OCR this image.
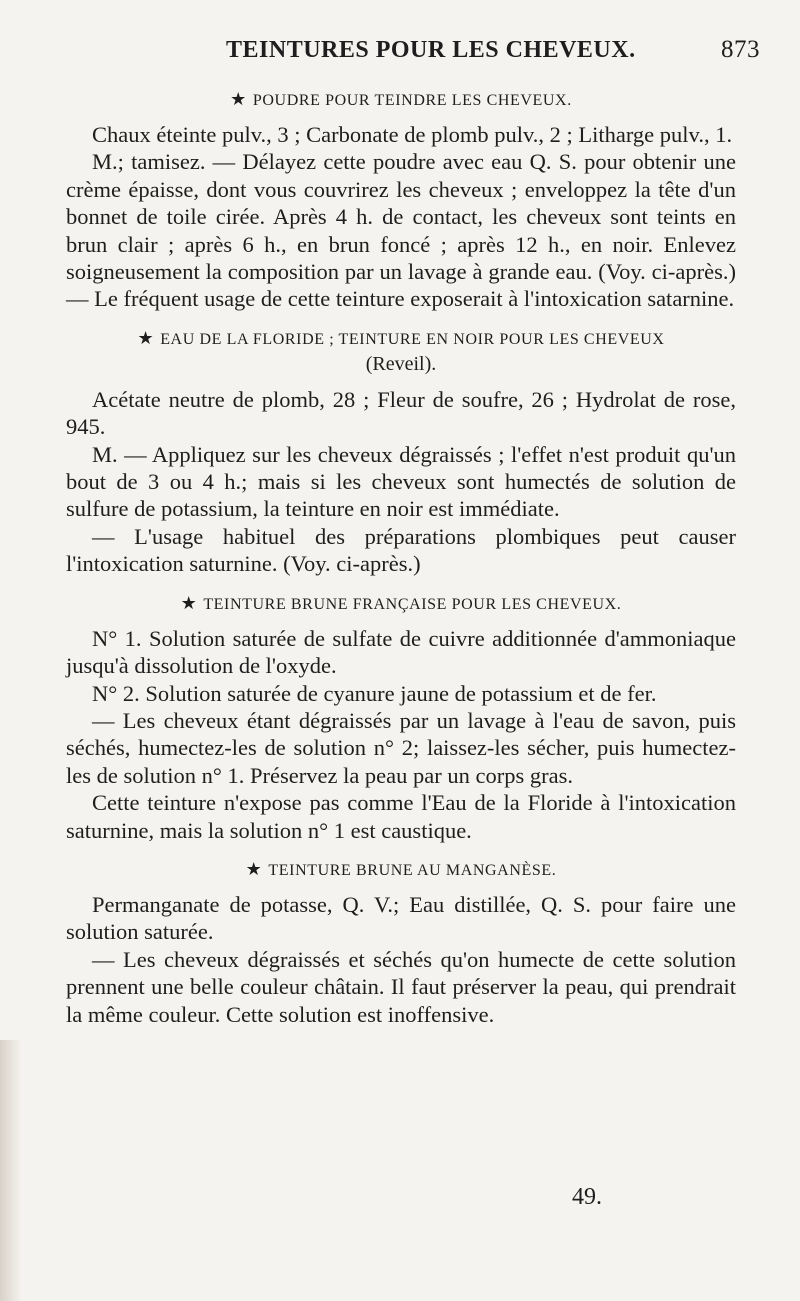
TEINTURES POUR LES CHEVEUX.	873
★ POUDRE POUR TEINDRE LES CHEVEUX.

Chaux éteinte pulv., 3 ; Carbonate de plomb pulv., 2 ; Litharge pulv., 1.

M.; tamisez. — Délayez cette poudre avec eau Q. S. pour obtenir une crème épaisse, dont vous couvrirez les cheveux ; enveloppez la tête d'un bonnet de toile cirée. Après 4 h. de contact, les cheveux sont teints en brun clair ; après 6 h., en brun foncé ; après 12 h., en noir. Enlevez soigneusement la composition par un lavage à grande eau. (Voy. ci-après.) — Le fréquent usage de cette teinture exposerait à l'intoxication satarnine.

★ EAU DE LA FLORIDE ; TEINTURE EN NOIR POUR LES CHEVEUX
(Reveil).

Acétate neutre de plomb, 28 ; Fleur de soufre, 26 ; Hydrolat de rose, 945.

M. — Appliquez sur les cheveux dégraissés ; l'effet n'est produit qu'un bout de 3 ou 4 h.; mais si les cheveux sont humectés de solution de sulfure de potassium, la teinture en noir est immédiate.

— L'usage habituel des préparations plombiques peut causer l'intoxication saturnine. (Voy. ci-après.)

★ TEINTURE BRUNE FRANÇAISE POUR LES CHEVEUX.

N° 1. Solution saturée de sulfate de cuivre additionnée d'ammoniaque jusqu'à dissolution de l'oxyde.

N° 2. Solution saturée de cyanure jaune de potassium et de fer.

— Les cheveux étant dégraissés par un lavage à l'eau de savon, puis séchés, humectez-les de solution n° 2; laissez-les sécher, puis humectez-les de solution n° 1. Préservez la peau par un corps gras.

Cette teinture n'expose pas comme l'Eau de la Floride à l'intoxication saturnine, mais la solution n° 1 est caustique.

★ TEINTURE BRUNE AU MANGANÈSE.

Permanganate de potasse, Q. V.; Eau distillée, Q. S. pour faire une solution saturée.

— Les cheveux dégraissés et séchés qu'on humecte de cette solution prennent une belle couleur châtain. Il faut préserver la peau, qui prendrait la même couleur. Cette solution est inoffensive.

49.
